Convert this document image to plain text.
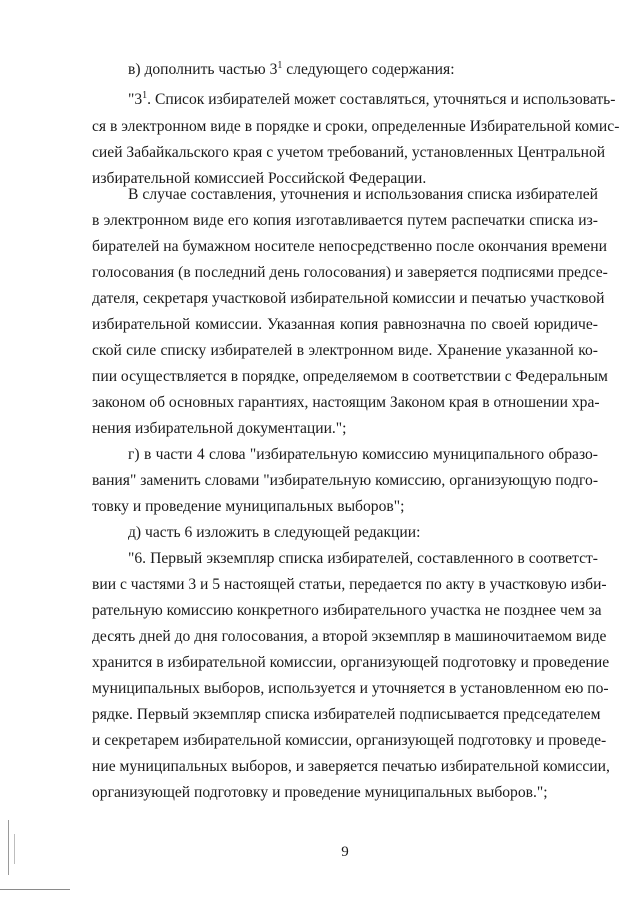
в) дополнить частью $3^1$ следующего содержания:
"$3^1$. Список избирателей может составляться, уточняться и использовать-
ся в электронном виде в порядке и сроки, определенные Избирательной комис-
сией Забайкальского края с учетом требований, установленных Центральной
избирательной комиссией Российской Федерации.
В случае составления, уточнения и использования списка избирателей
в электронном виде его копия изготавливается путем распечатки списка из-
бирателей на бумажном носителе непосредственно после окончания времени
голосования (в последний день голосования) и заверяется подписями предсе-
дателя, секретаря участковой избирательной комиссии и печатью участковой
избирательной комиссии. Указанная копия равнозначна по своей юридиче-
ской силе списку избирателей в электронном виде. Хранение указанной ко-
пии осуществляется в порядке, определяемом в соответствии с Федеральным
законом об основных гарантиях, настоящим Законом края в отношении хра-
нения избирательной документации.";
г) в части 4 слова "избирательную комиссию муниципального образо-
вания" заменить словами "избирательную комиссию, организующую подго-
товку и проведение муниципальных выборов";
д) часть 6 изложить в следующей редакции:
"6. Первый экземпляр списка избирателей, составленного в соответст-
вии с частями 3 и 5 настоящей статьи, передается по акту в участковую изби-
рательную комиссию конкретного избирательного участка не позднее чем за
десять дней до дня голосования, а второй экземпляр в машиночитаемом виде
хранится в избирательной комиссии, организующей подготовку и проведение
муниципальных выборов, используется и уточняется в установленном ею по-
рядке. Первый экземпляр списка избирателей подписывается председателем
и секретарем избирательной комиссии, организующей подготовку и проведе-
ние муниципальных выборов, и заверяется печатью избирательной комиссии,
организующей подготовку и проведение муниципальных выборов.";
9
